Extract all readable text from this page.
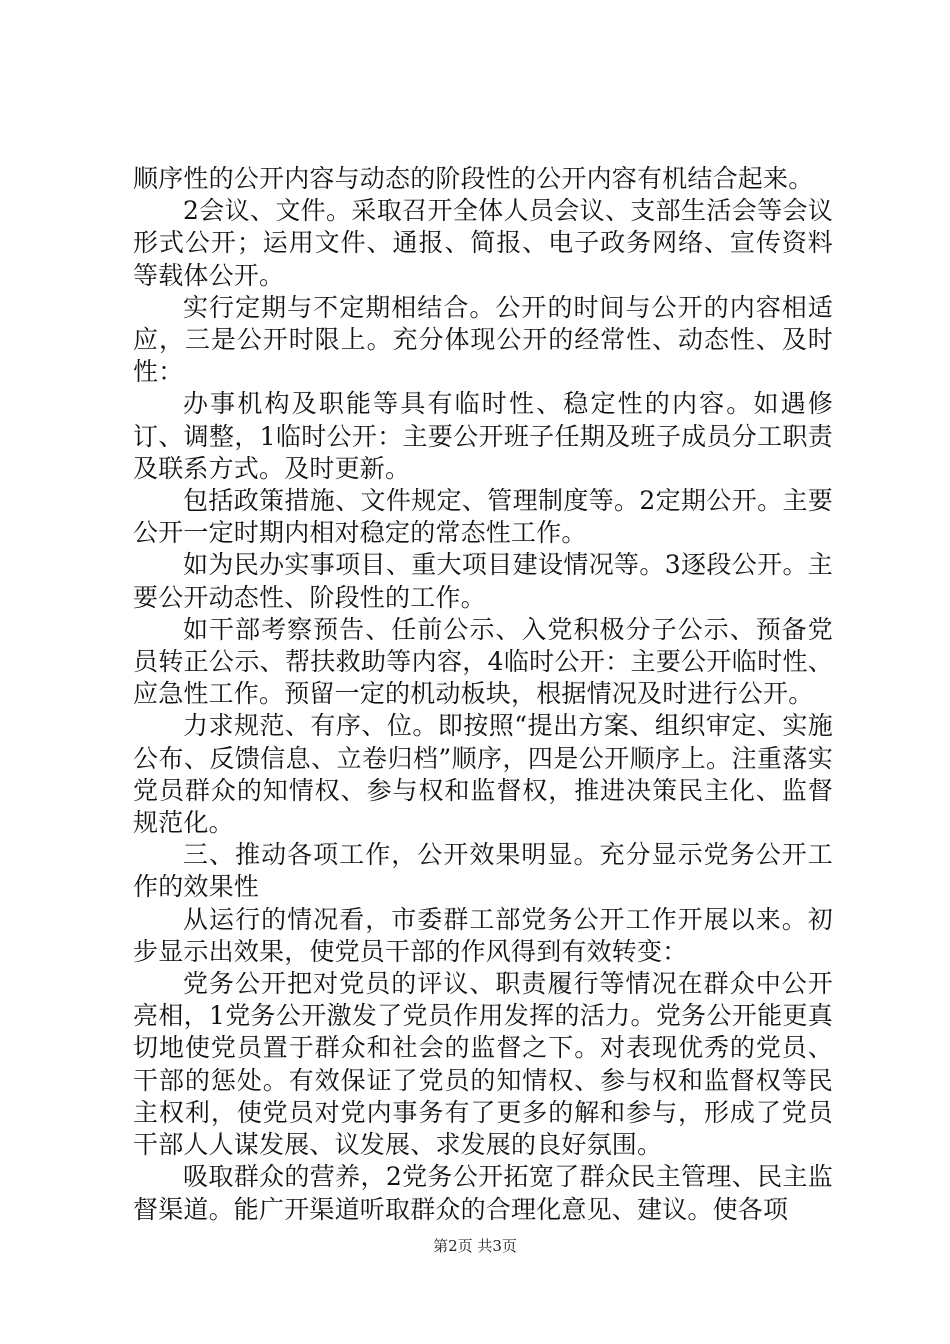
顺序性的公开内容与动态的阶段性的公开内容有机结合起来。

2会议、文件。采取召开全体人员会议、支部生活会等会议形式公开；运用文件、通报、简报、电子政务网络、宣传资料等载体公开。

实行定期与不定期相结合。公开的时间与公开的内容相适应，三是公开时限上。充分体现公开的经常性、动态性、及时性：

办事机构及职能等具有临时性、稳定性的内容。如遇修订、调整，1临时公开：主要公开班子任期及班子成员分工职责及联系方式。及时更新。

包括政策措施、文件规定、管理制度等。2定期公开。主要公开一定时期内相对稳定的常态性工作。

如为民办实事项目、重大项目建设情况等。3逐段公开。主要公开动态性、阶段性的工作。

如干部考察预告、任前公示、入党积极分子公示、预备党员转正公示、帮扶救助等内容，4临时公开：主要公开临时性、应急性工作。预留一定的机动板块，根据情况及时进行公开。

力求规范、有序、位。即按照“提出方案、组织审定、实施公布、反馈信息、立卷归档”顺序，四是公开顺序上。注重落实党员群众的知情权、参与权和监督权，推进决策民主化、监督规范化。

三、推动各项工作，公开效果明显。充分显示党务公开工作的效果性

从运行的情况看，市委群工部党务公开工作开展以来。初步显示出效果，使党员干部的作风得到有效转变：

党务公开把对党员的评议、职责履行等情况在群众中公开亮相，1党务公开激发了党员作用发挥的活力。党务公开能更真切地使党员置于群众和社会的监督之下。对表现优秀的党员、干部的惩处。有效保证了党员的知情权、参与权和监督权等民主权利，使党员对党内事务有了更多的解和参与，形成了党员干部人人谋发展、议发展、求发展的良好氛围。

吸取群众的营养，2党务公开拓宽了群众民主管理、民主监督渠道。能广开渠道听取群众的合理化意见、建议。使各项

第2页 共3页
